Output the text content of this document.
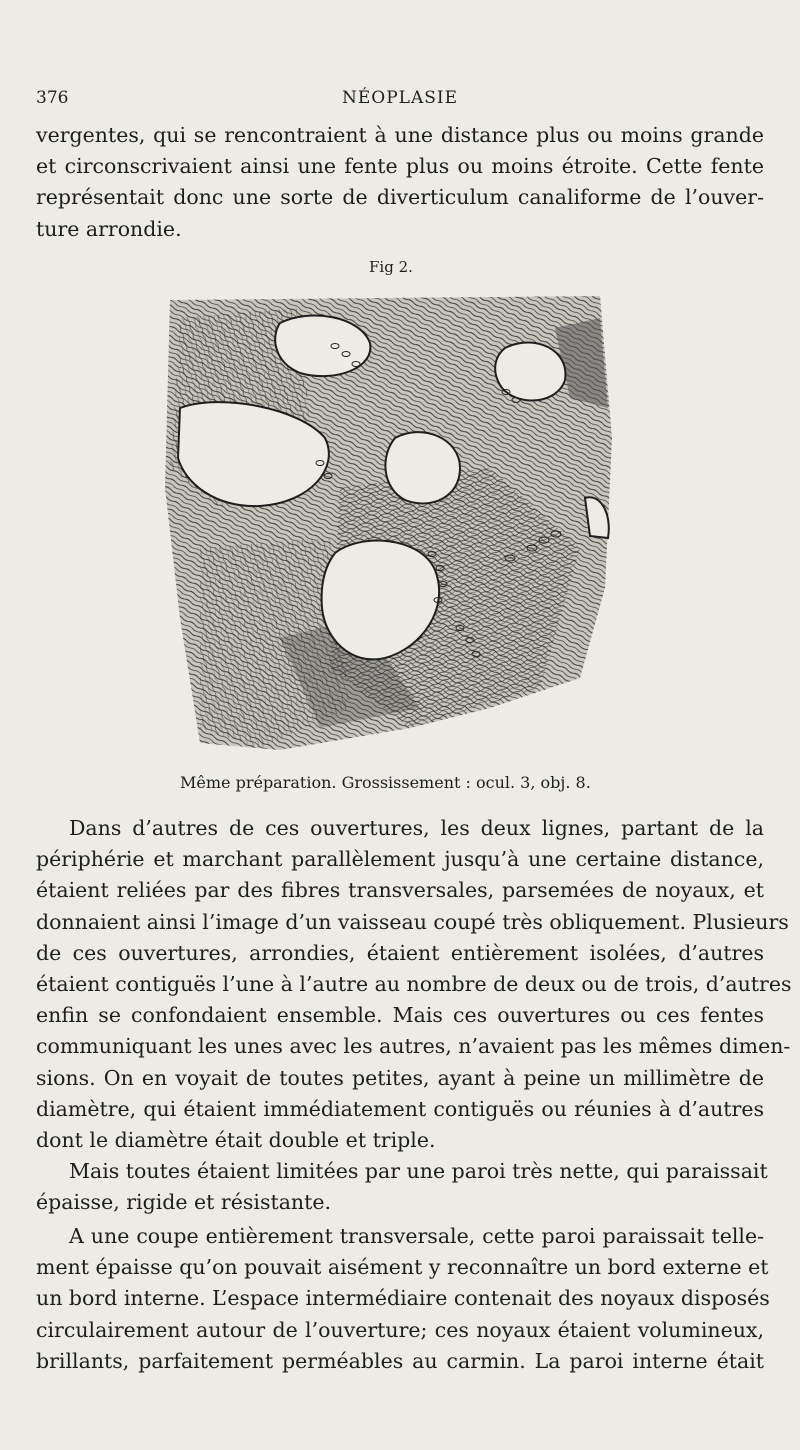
376	NÉOPLASIE
vergentes, qui se rencontraient à une distance plus ou moins grande
et circonscrivaient ainsi une fente plus ou moins étroite. Cette fente
représentait donc une sorte de diverticulum canaliforme de l’ouver-
ture arrondie.
Fig 2.
Même préparation. Grossissement : ocul. 3, obj. 8.
Dans d’autres de ces ouvertures, les deux lignes, partant de la
périphérie et marchant parallèlement jusqu’à une certaine distance,
étaient reliées par des fibres transversales, parsemées de noyaux, et
donnaient ainsi l’image d’un vaisseau coupé très obliquement. Plusieurs
de ces ouvertures, arrondies, étaient entièrement isolées, d’autres
étaient contiguës l’une à l’autre au nombre de deux ou de trois, d’autres
enfin se confondaient ensemble. Mais ces ouvertures ou ces fentes
communiquant les unes avec les autres, n’avaient pas les mêmes dimen-
sions. On en voyait de toutes petites, ayant à peine un millimètre de
diamètre, qui étaient immédiatement contiguës ou réunies à d’autres
dont le diamètre était double et triple.
Mais toutes étaient limitées par une paroi très nette, qui paraissait
épaisse, rigide et résistante.
A une coupe entièrement transversale, cette paroi paraissait telle-
ment épaisse qu’on pouvait aisément y reconnaître un bord externe et
un bord interne. L’espace intermédiaire contenait des noyaux disposés
circulairement autour de l’ouverture; ces noyaux étaient volumineux,
brillants, parfaitement perméables au carmin. La paroi interne était
